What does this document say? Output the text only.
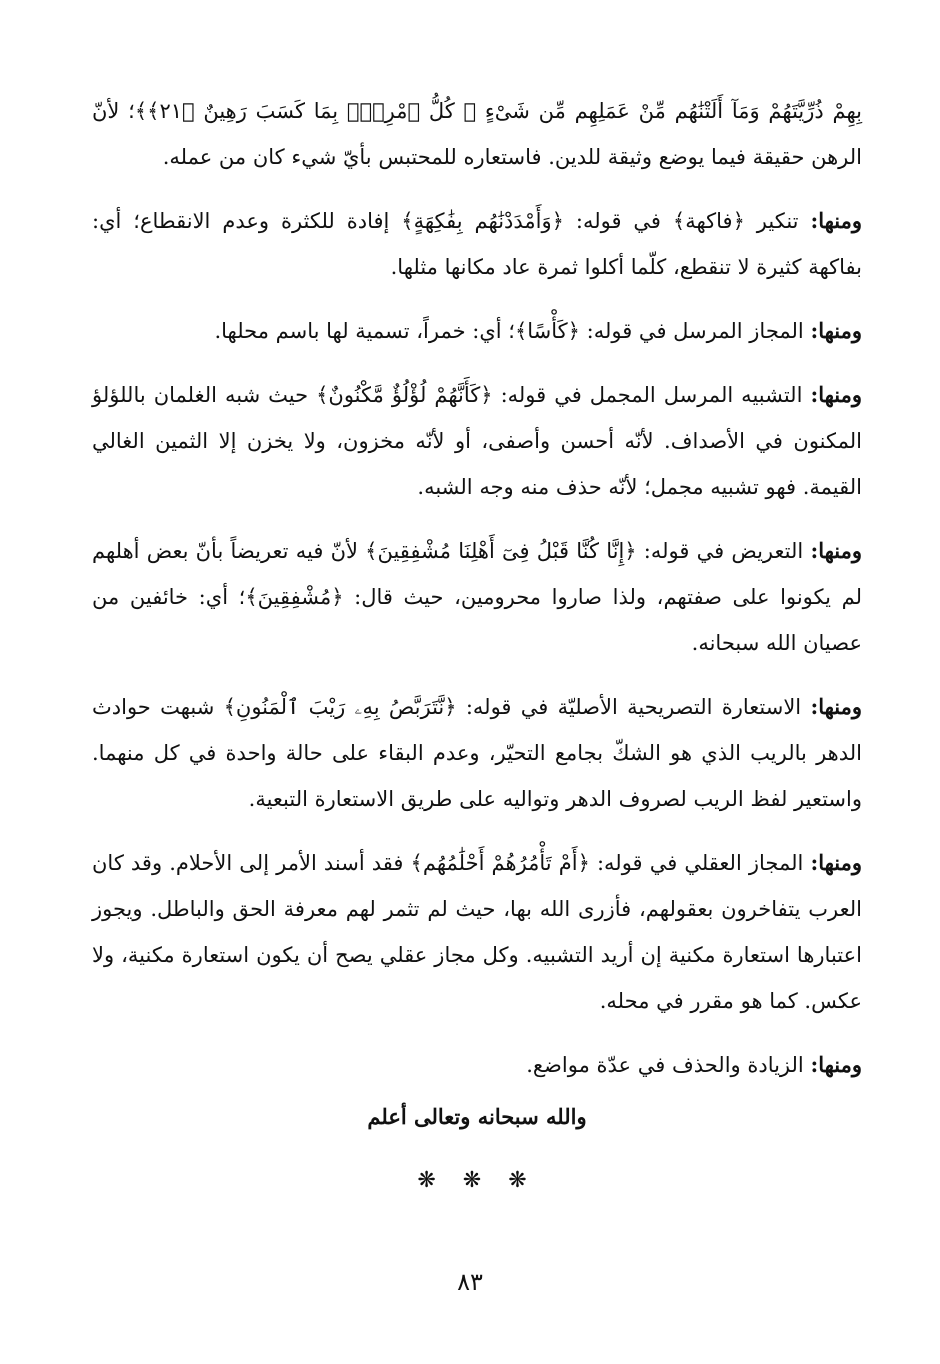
بِهِمْ ذُرِّيَّتَهُمْ وَمَآ أَلَتْنَٰهُم مِّنْ عَمَلِهِم مِّن شَىْءٍ ۚ كُلُّ ٱمْرِئٍۭ بِمَا كَسَبَ رَهِينٌ ﴿٢١﴾﴾؛ لأنّ الرهن حقيقة فيما يوضع وثيقة للدين. فاستعاره للمحتبس بأيّ شيء كان من عمله.

ومنها: تنكير ﴿فاكهة﴾ في قوله: ﴿وَأَمْدَدْنَٰهُم بِفَٰكِهَةٍ﴾ إفادة للكثرة وعدم الانقطاع؛ أي: بفاكهة كثيرة لا تنقطع، كلّما أكلوا ثمرة عاد مكانها مثلها.

ومنها: المجاز المرسل في قوله: ﴿كَأْسًا﴾؛ أي: خمراً، تسمية لها باسم محلها.

ومنها: التشبيه المرسل المجمل في قوله: ﴿كَأَنَّهُمْ لُؤْلُؤٌ مَّكْنُونٌ﴾ حيث شبه الغلمان باللؤلؤ المكنون في الأصداف. لأنّه أحسن وأصفى، أو لأنّه مخزون، ولا يخزن إلا الثمين الغالي القيمة. فهو تشبيه مجمل؛ لأنّه حذف منه وجه الشبه.

ومنها: التعريض في قوله: ﴿إِنَّا كُنَّا قَبْلُ فِىٓ أَهْلِنَا مُشْفِقِينَ﴾ لأنّ فيه تعريضاً بأنّ بعض أهلهم لم يكونوا على صفتهم، ولذا صاروا محرومين، حيث قال: ﴿مُشْفِقِينَ﴾؛ أي: خائفين من عصيان الله سبحانه.

ومنها: الاستعارة التصريحية الأصليّة في قوله: ﴿نَّتَرَبَّصُ بِهِۦ رَيْبَ ٱلْمَنُونِ﴾ شبهت حوادث الدهر بالريب الذي هو الشكّ بجامع التحيّر، وعدم البقاء على حالة واحدة في كل منهما. واستعير لفظ الريب لصروف الدهر وتواليه على طريق الاستعارة التبعية.

ومنها: المجاز العقلي في قوله: ﴿أَمْ تَأْمُرُهُمْ أَحْلَٰمُهُم﴾ فقد أسند الأمر إلى الأحلام. وقد كان العرب يتفاخرون بعقولهم، فأزرى الله بها، حيث لم تثمر لهم معرفة الحق والباطل. ويجوز اعتبارها استعارة مكنية إن أريد التشبيه. وكل مجاز عقلي يصح أن يكون استعارة مكنية، ولا عكس. كما هو مقرر في محله.

ومنها: الزيادة والحذف في عدّة مواضع.

والله سبحانه وتعالى أعلم
❋ ❋ ❋
٨٣
